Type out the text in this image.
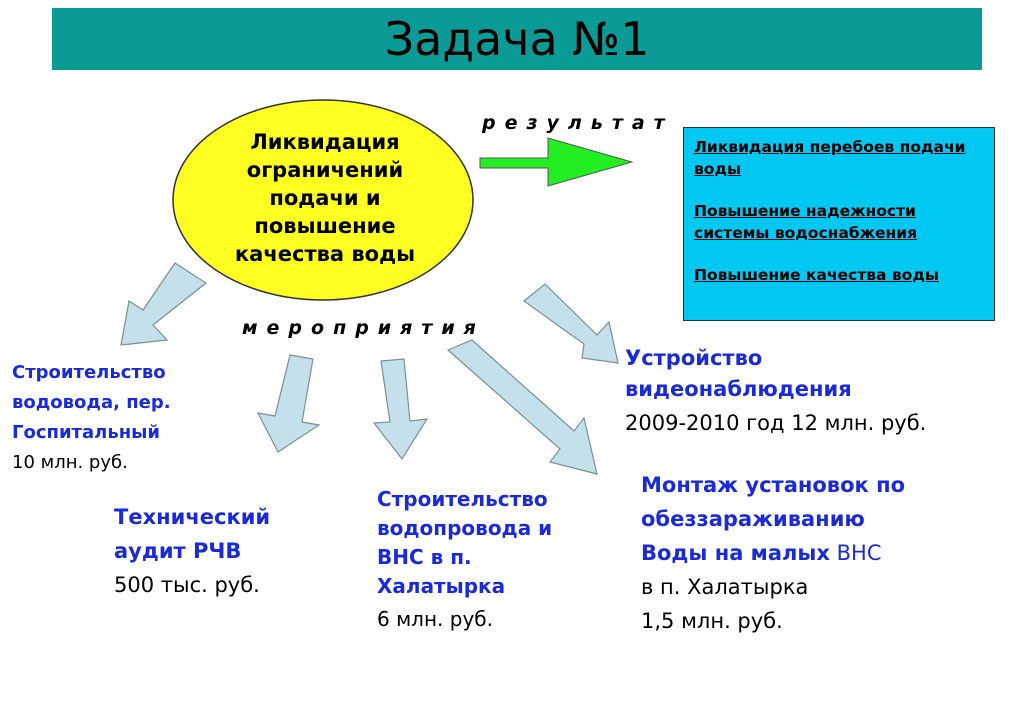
Задача №1
Ликвидация
ограничений
подачи и
повышение
качества воды
результат
мероприятия
Ликвидация перебоев подачи воды
Повышение надежности системы водоснабжения
Повышение качества воды
Строительство
водовода, пер.
Госпитальный
10 млн. руб.
Технический
аудит РЧВ
500 тыс. руб.
Строительство
водопровода и
ВНС в п.
Халатырка
6 млн. руб.
Устройство
видеонаблюдения
2009-2010 год 12 млн. руб.
Монтаж установок по
обеззараживанию
Воды на малых ВНС
в п. Халатырка
1,5 млн. руб.
